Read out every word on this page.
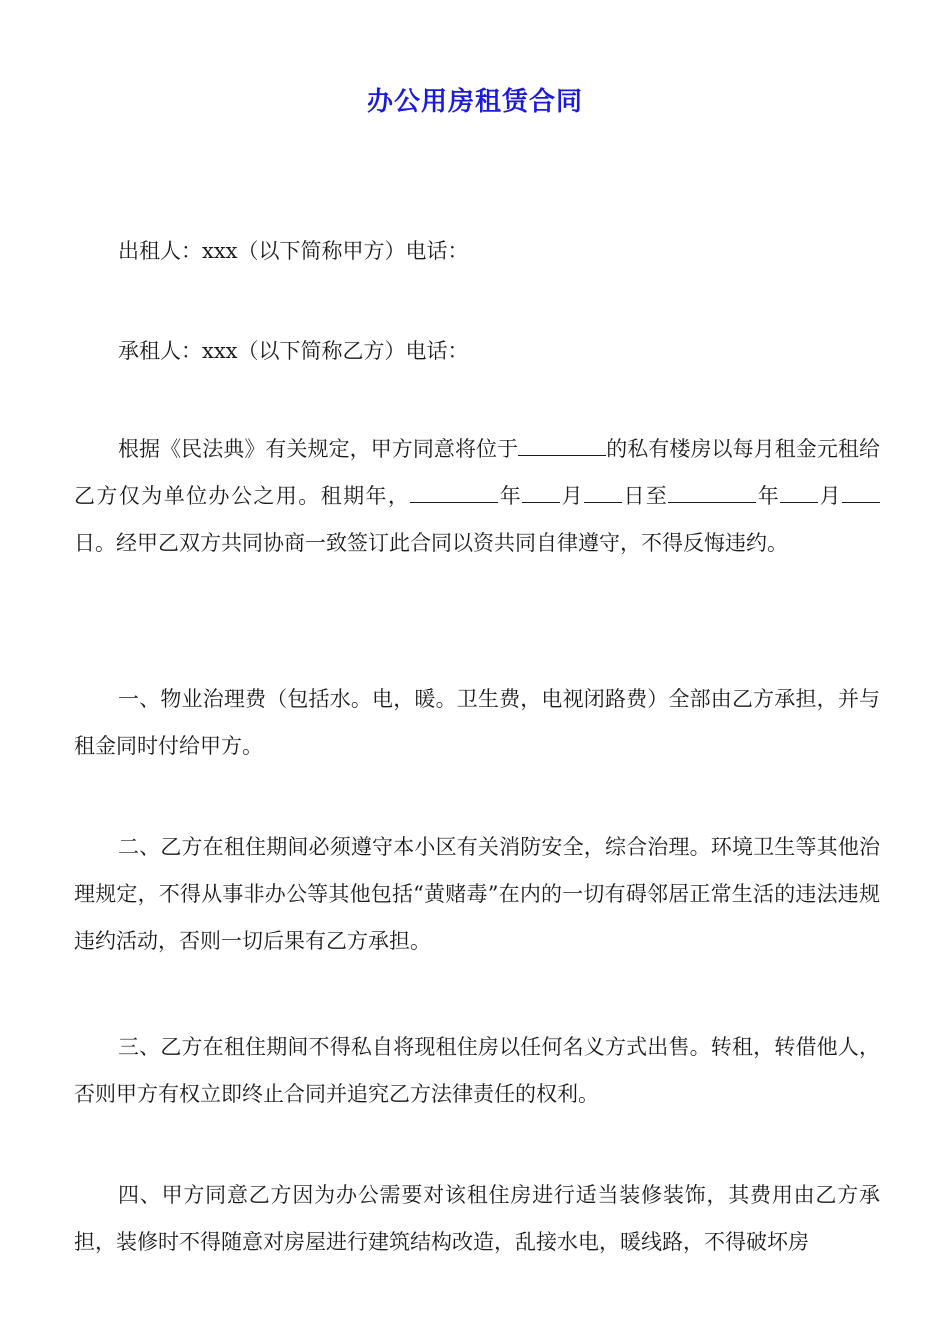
办公用房租赁合同

出租人：xxx（以下简称甲方）电话：

承租人：xxx（以下简称乙方）电话：

根据《民法典》有关规定，甲方同意将位于	的私有楼房以每月租金元租给乙方仅为单位办公之用。租期年，	年 月 日至	年 月日。经甲乙双方共同协商一致签订此合同以资共同自律遵守，不得反悔违约。

一、物业治理费（包括水。电，暖。卫生费，电视闭路费）全部由乙方承担，并与租金同时付给甲方。

二、乙方在租住期间必须遵守本小区有关消防安全，综合治理。环境卫生等其他治理规定，不得从事非办公等其他包括“黄赌毒”在内的一切有碍邻居正常生活的违法违规违约活动，否则一切后果有乙方承担。

三、乙方在租住期间不得私自将现租住房以任何名义方式出售。转租，转借他人，否则甲方有权立即终止合同并追究乙方法律责任的权利。

四、甲方同意乙方因为办公需要对该租住房进行适当装修装饰，其费用由乙方承担，装修时不得随意对房屋进行建筑结构改造，乱接水电，暖线路，不得破坏房
